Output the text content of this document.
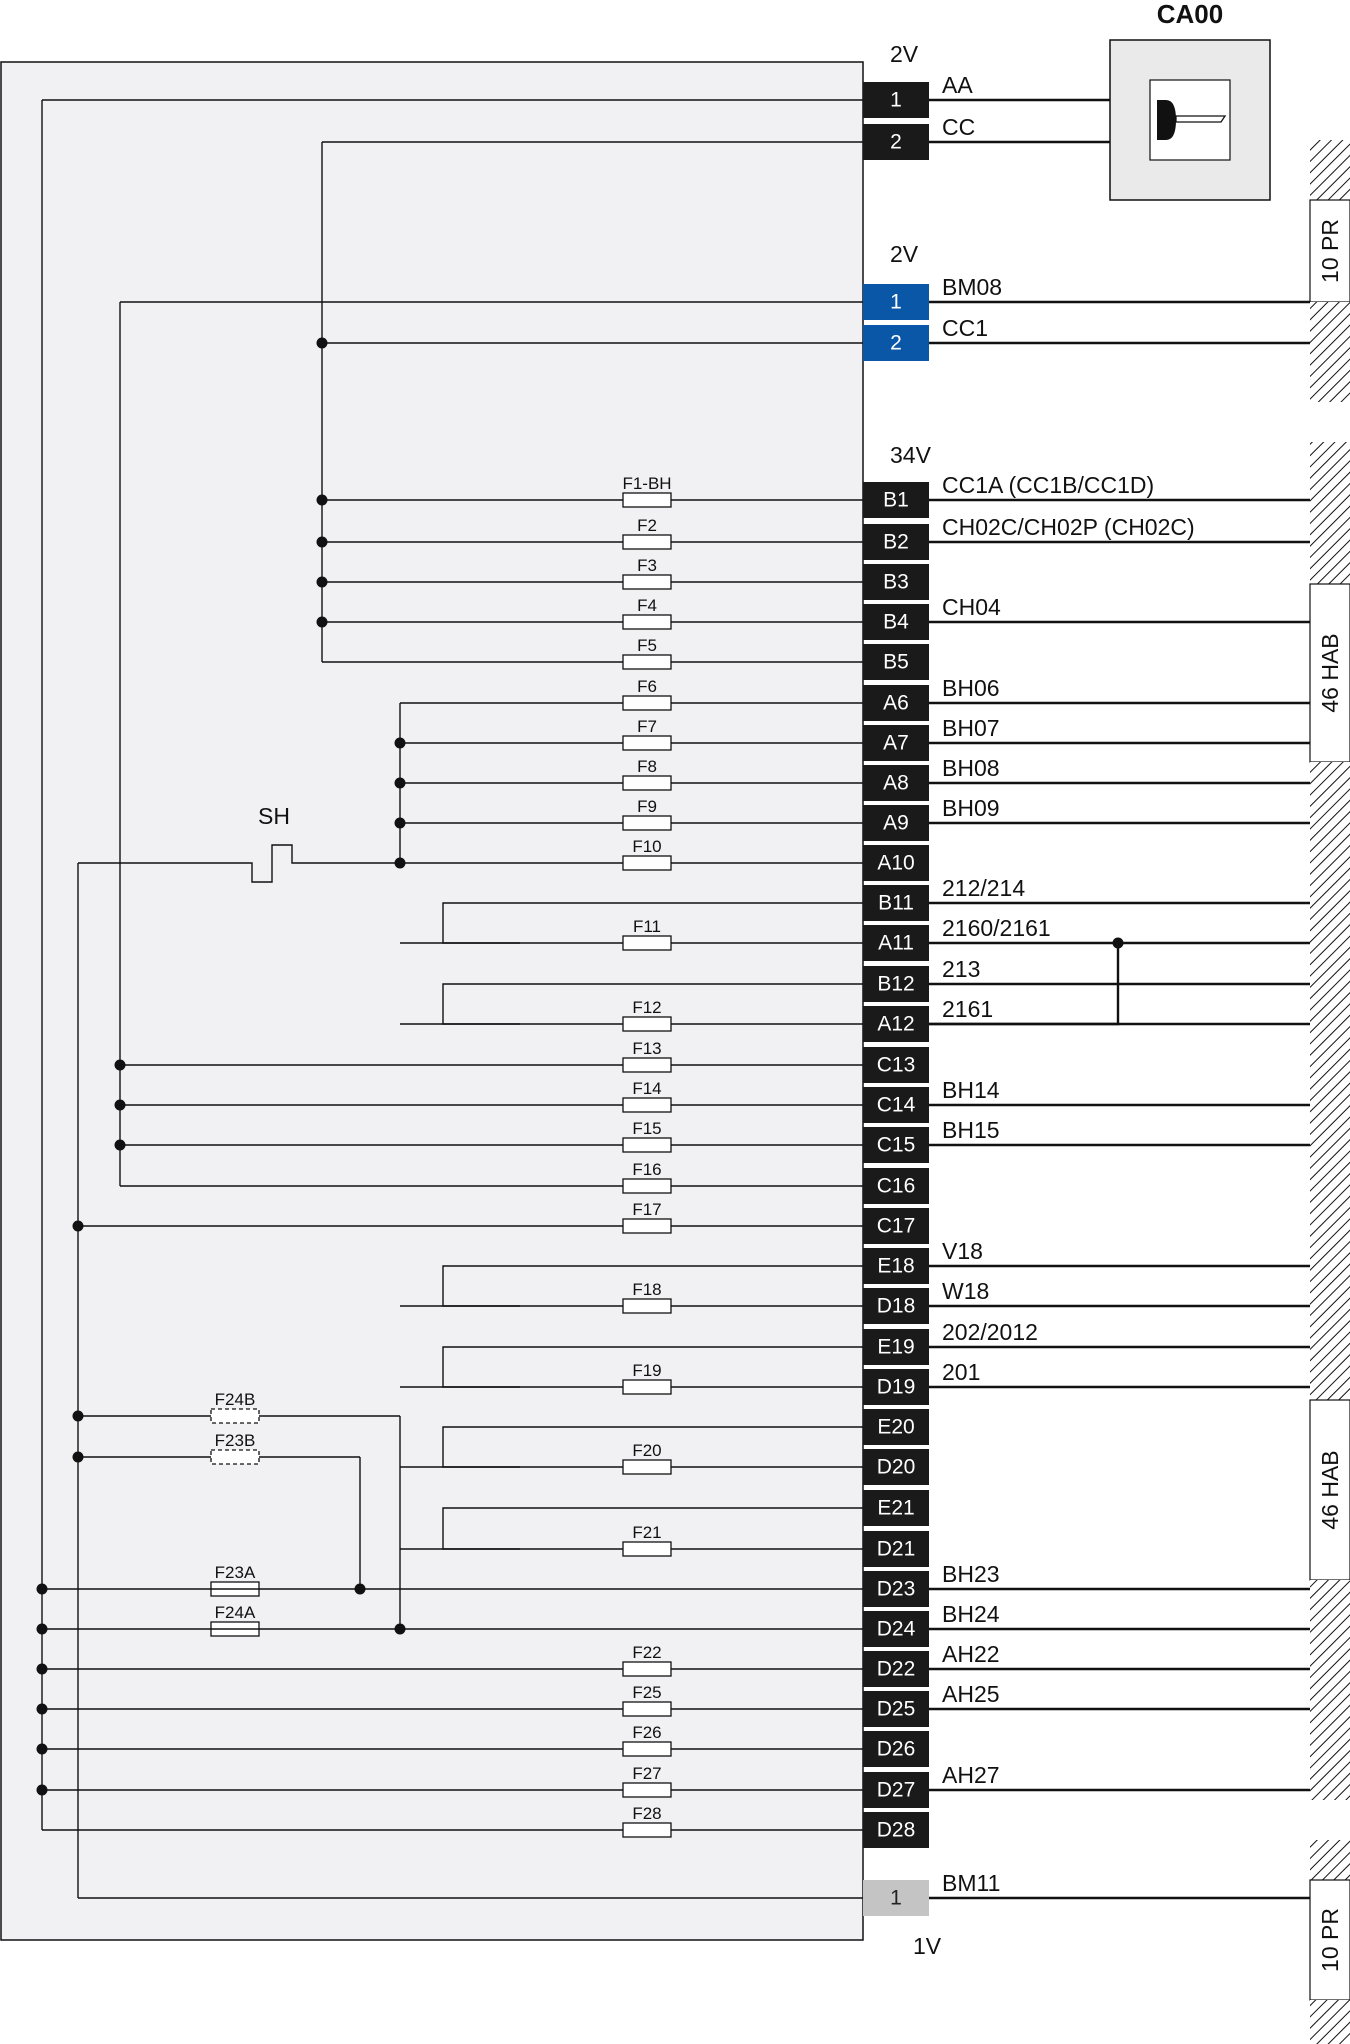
CA00
10 PR
46 HAB
46 HAB
10 PR
F1-BH
F2
F3
F4
F5
F6
F7
F8
F9
F10
F11
F12
F13
F14
F15
F16
F17
F18
F19
F20
F21
F23A
F24A
F22
F25
F26
F27
F28
F24B
F23B
1
AA
2
CC
1
BM08
2
CC1
B1
CC1A (CC1B/CC1D)
B2
CH02C/CH02P (CH02C)
B3
B4
CH04
B5
A6
BH06
A7
BH07
A8
BH08
A9
BH09
A10
B11
212/214
A11
2160/2161
B12
213
A12
2161
C13
C14
BH14
C15
BH15
C16
C17
E18
V18
D18
W18
E19
202/2012
D19
201
E20
D20
E21
D21
D23
BH23
D24
BH24
D22
AH22
D25
AH25
D26
D27
AH27
D28
1
BM11
2V
2V
34V
1V
SH
